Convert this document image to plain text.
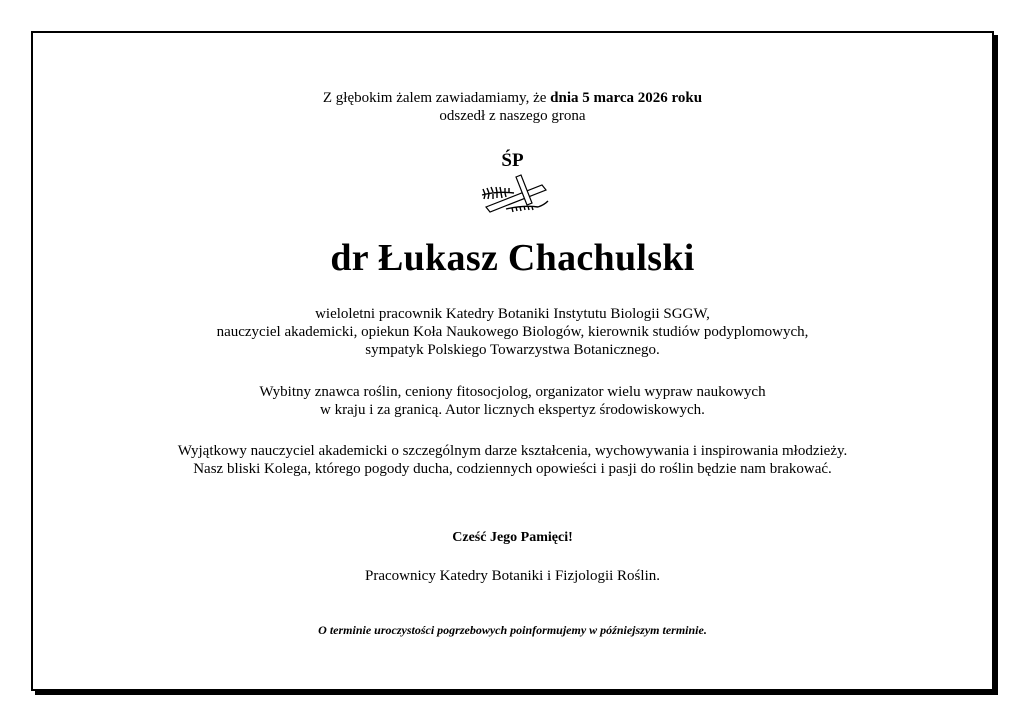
Z głębokim żalem zawiadamiamy, że dnia 5 marca 2026 roku
odszedł z naszego grona
ŚP
dr Łukasz Chachulski
wieloletni pracownik Katedry Botaniki Instytutu Biologii SGGW,
nauczyciel akademicki, opiekun Koła Naukowego Biologów, kierownik studiów podyplomowych,
sympatyk Polskiego Towarzystwa Botanicznego.
Wybitny znawca roślin, ceniony fitosocjolog, organizator wielu wypraw naukowych
w kraju i za granicą. Autor licznych ekspertyz środowiskowych.
Wyjątkowy nauczyciel akademicki o szczególnym darze kształcenia, wychowywania i inspirowania młodzieży.
Nasz bliski Kolega, którego pogody ducha, codziennych opowieści i pasji do roślin będzie nam brakować.
Cześć Jego Pamięci!
Pracownicy Katedry Botaniki i Fizjologii Roślin.
O terminie uroczystości pogrzebowych poinformujemy w późniejszym terminie.
